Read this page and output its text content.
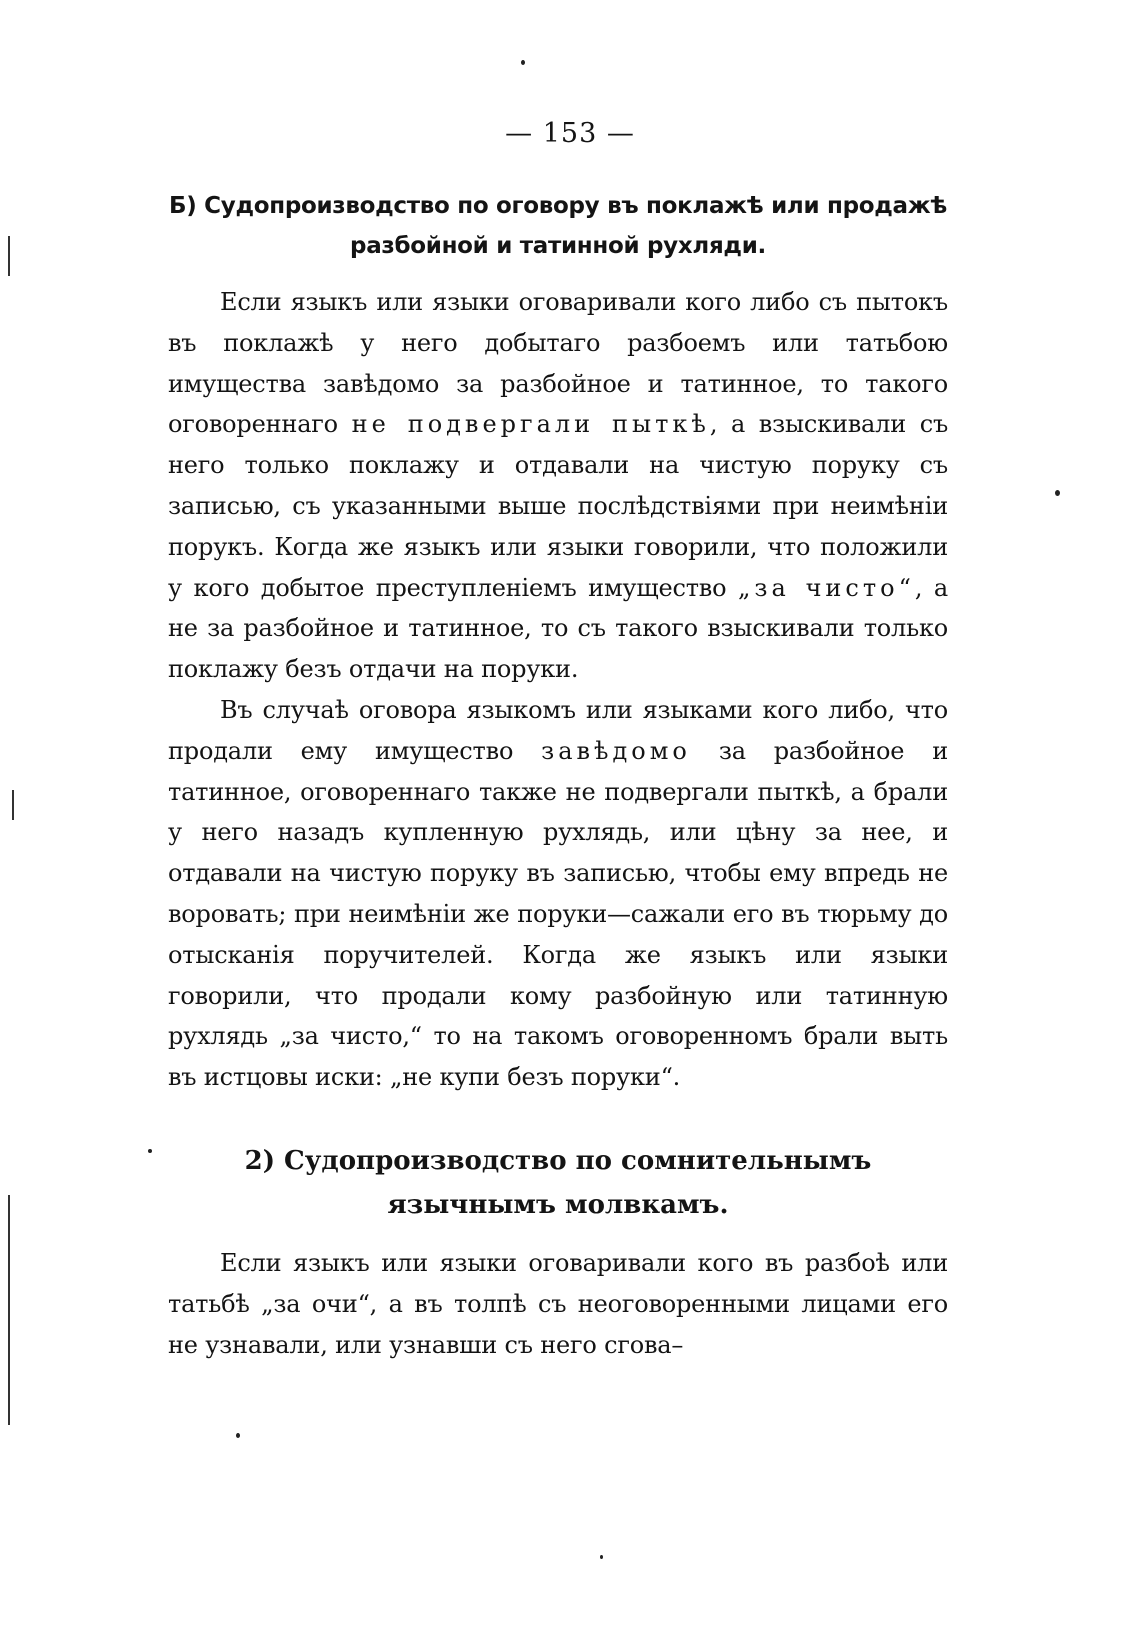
— 153 —
Б) Судопроизводство по оговору въ поклажѣ или продажѣ разбойной и татинной рухляди.

Если языкъ или языки оговаривали кого либо съ пытокъ въ поклажѣ у него добытаго разбоемъ или татьбою имущества завѣдомо за разбойное и татинное, то такого оговореннаго не подвергали пыткѣ, а взыскивали съ него только поклажу и отдавали на чистую поруку съ записью, съ указанными выше послѣдствіями при неимѣніи порукъ. Когда же языкъ или языки говорили, что положили у кого добытое преступленіемъ имущество „за чисто“, а не за разбойное и татинное, то съ такого взыскивали только поклажу безъ отдачи на поруки.

Въ случаѣ оговора языкомъ или языками кого либо, что продали ему имущество завѣдомо за разбойное и татинное, оговореннаго также не подвергали пыткѣ, а брали у него назадъ купленную рухлядь, или цѣну за нее, и отдавали на чистую поруку въ записью, чтобы ему впредь не воровать; при неимѣніи же поруки—сажали его въ тюрьму до отысканія поручителей. Когда же языкъ или языки говорили, что продали кому разбойную или татинную рухлядь „за чисто,“ то на такомъ оговоренномъ брали выть въ истцовы иски: „не купи безъ поруки“.

2) Судопроизводство по сомнительнымъ язычнымъ молвкамъ.

Если языкъ или языки оговаривали кого въ разбоѣ или татьбѣ „за очи“, а въ толпѣ съ неоговоренными лицами его не узнавали, или узнавши съ него сгова–
